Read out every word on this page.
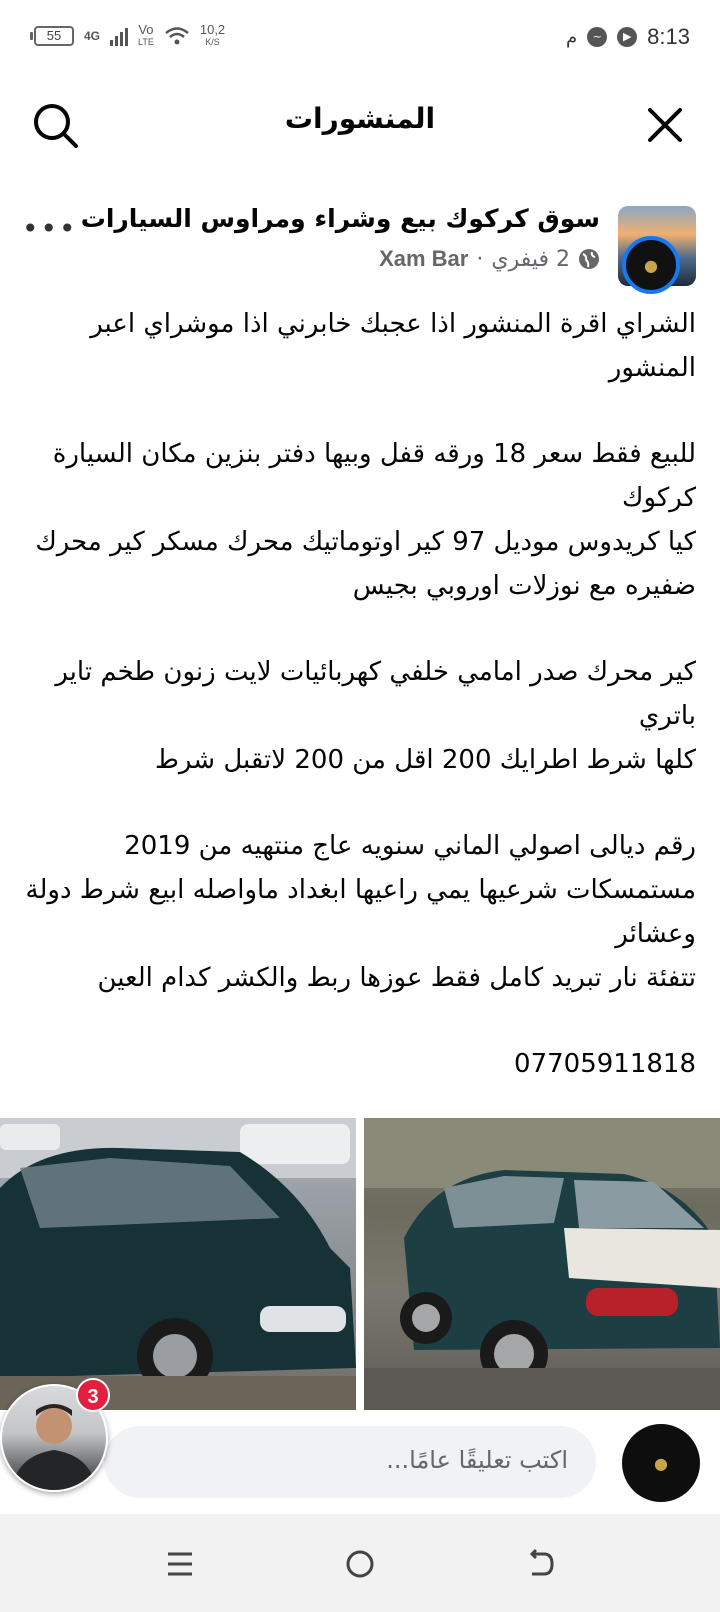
55	4G	Vo
LTE
10,2
K/S	م	~	▶ 8:13
المنشورات
●
سوق كركوك بيع وشراء ومراوس السيارات
2 فيفري
·
Xam Bar
•••

الشراي اقرة المنشور اذا عجبك خابرني اذا موشراي اعبر المنشور

للبيع فقط سعر 18 ورقه قفل وبيها دفتر بنزين مكان السيارة كركوك

كيا كريدوس موديل 97 كير اوتوماتيك محرك مسكر كير محرك ضفيره مع نوزلات اوروبي بجيس

كير محرك صدر امامي خلفي كهربائيات لايت زنون طخم تاير باتري

كلها شرط اطرايك 200 اقل من 200 لاتقبل شرط

رقم ديالى اصولي الماني سنويه عاج منتهيه من 2019 مستمسكات شرعيها يمي راعيها ابغداد ماواصله ابيع شرط دولة وعشائر

تتفئة نار تبريد كامل فقط عوزها ربط والكشر كدام العين

07705911818

اكتب تعليقًا عامًا...	●
3
